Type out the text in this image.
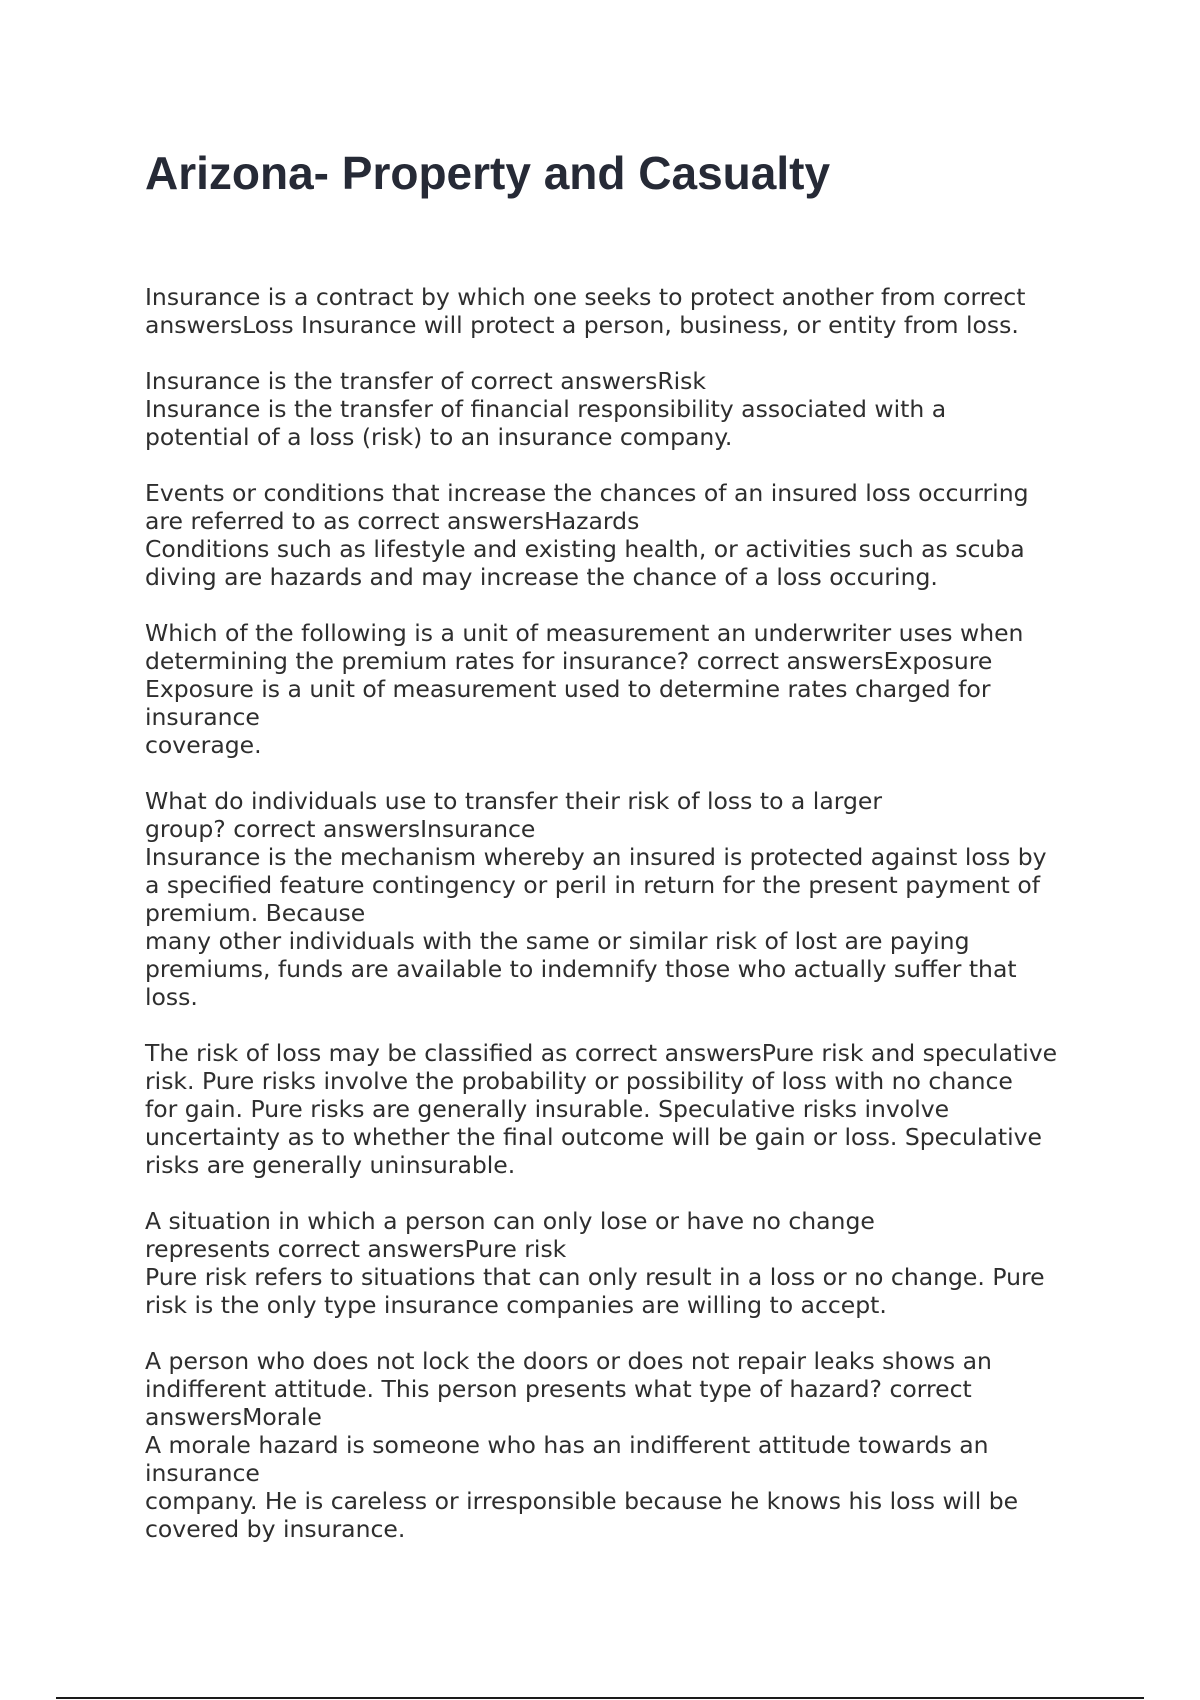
Arizona- Property and Casualty

Insurance is a contract by which one seeks to protect another from correct
answersLoss Insurance will protect a person, business, or entity from loss.

Insurance is the transfer of correct answersRisk
Insurance is the transfer of financial responsibility associated with a
potential of a loss (risk) to an insurance company.

Events or conditions that increase the chances of an insured loss occurring
are referred to as correct answersHazards
Conditions such as lifestyle and existing health, or activities such as scuba
diving are hazards and may increase the chance of a loss occuring.

Which of the following is a unit of measurement an underwriter uses when
determining the premium rates for insurance? correct answersExposure
Exposure is a unit of measurement used to determine rates charged for
insurance
coverage.

What do individuals use to transfer their risk of loss to a larger
group? correct answersInsurance
Insurance is the mechanism whereby an insured is protected against loss by
a specified feature contingency or peril in return for the present payment of
premium. Because
many other individuals with the same or similar risk of lost are paying
premiums, funds are available to indemnify those who actually suffer that
loss.

The risk of loss may be classified as correct answersPure risk and speculative
risk. Pure risks involve the probability or possibility of loss with no chance
for gain. Pure risks are generally insurable. Speculative risks involve
uncertainty as to whether the final outcome will be gain or loss. Speculative
risks are generally uninsurable.

A situation in which a person can only lose or have no change
represents correct answersPure risk
Pure risk refers to situations that can only result in a loss or no change. Pure
risk is the only type insurance companies are willing to accept.

A person who does not lock the doors or does not repair leaks shows an
indifferent attitude. This person presents what type of hazard? correct
answersMorale
A morale hazard is someone who has an indifferent attitude towards an
insurance
company. He is careless or irresponsible because he knows his loss will be
covered by insurance.
